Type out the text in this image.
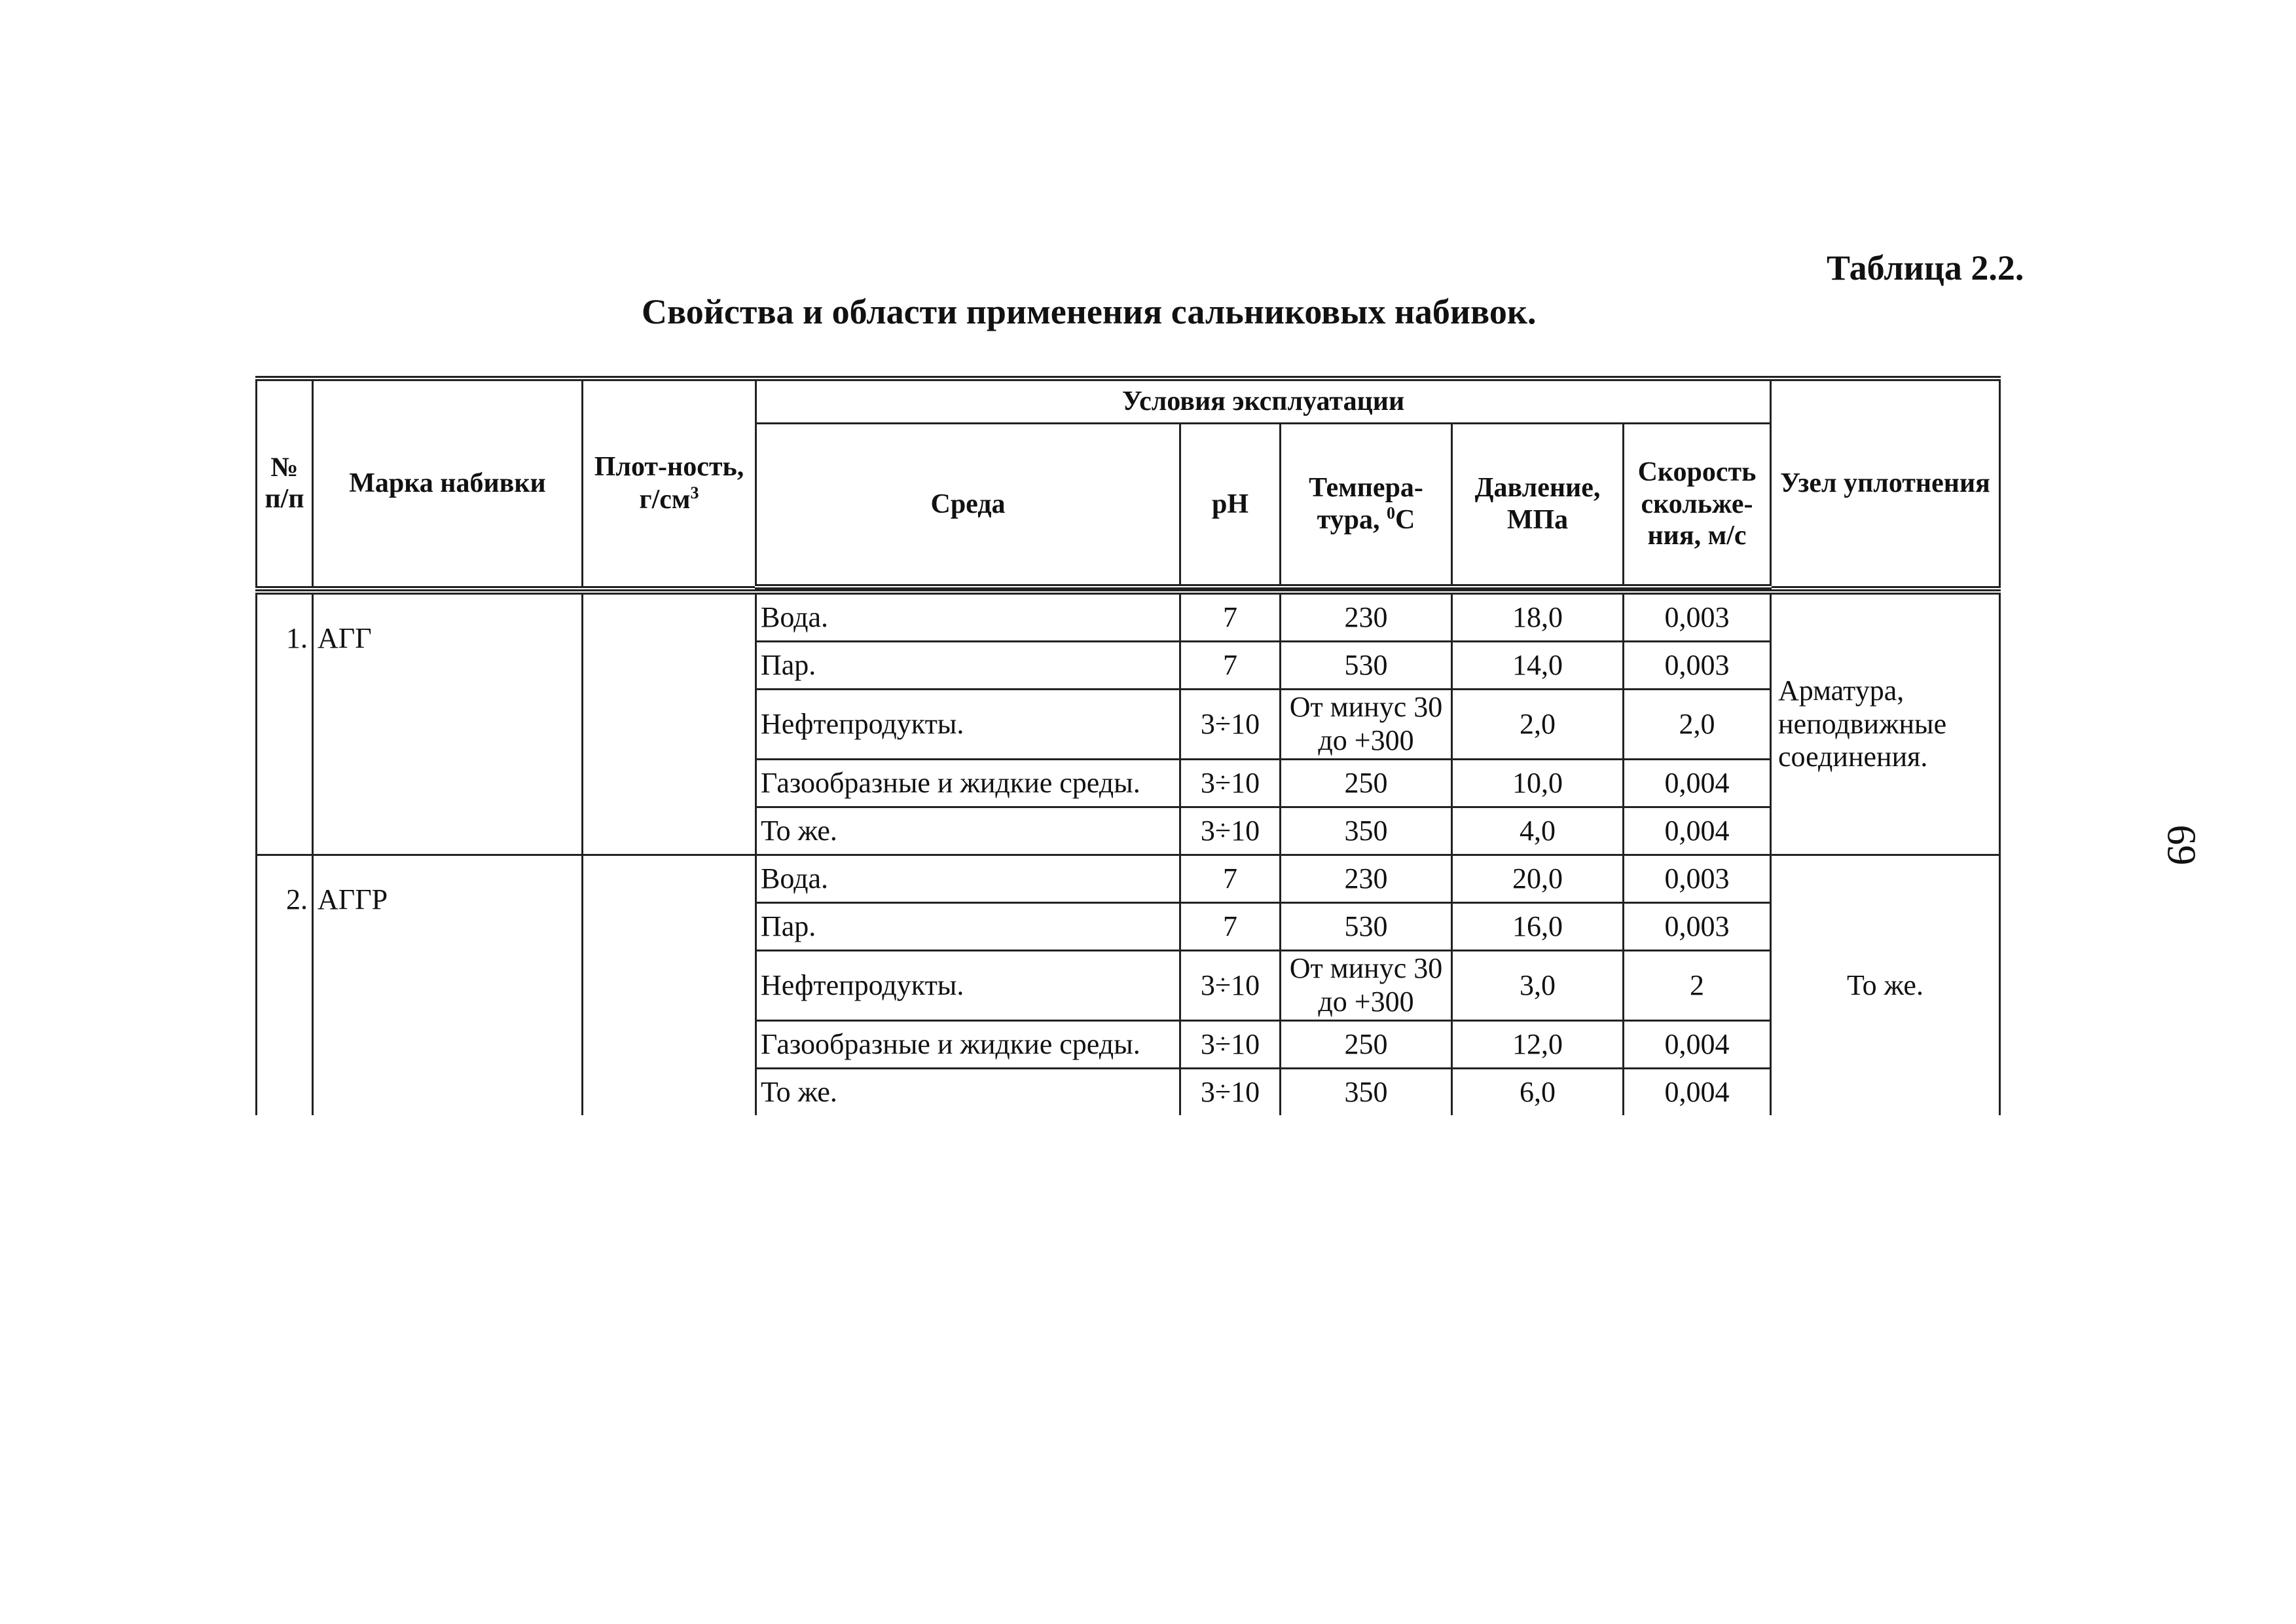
Таблица 2.2.
Свойства и области применения сальниковых набивок.
69
№ п/п	Марка набивки	Плот-ность, $г/см^3$	Условия эксплуатации					Узел уплотнения
			Среда	pH	Темпера-тура, $^0$С	Давление, МПа	Скорость скольже-ния, м/с	

1.	АГГ		Вода.	7	230	18,0	0,003	Арматура, неподвижные соединения.
			Пар.	7	530	14,0	0,003	
			Нефтепродукты.	3÷10	От минус 30 до +300	2,0	2,0	
			Газообразные и жидкие среды.	3÷10	250	10,0	0,004	
			То же.	3÷10	350	4,0	0,004	
2.	АГГР		Вода.	7	230	20,0	0,003	То же.
			Пар.	7	530	16,0	0,003	
			Нефтепродукты.	3÷10	От минус 30 до +300	3,0	2	
			Газообразные и жидкие среды.	3÷10	250	12,0	0,004	
			То же.	3÷10	350	6,0	0,004	
